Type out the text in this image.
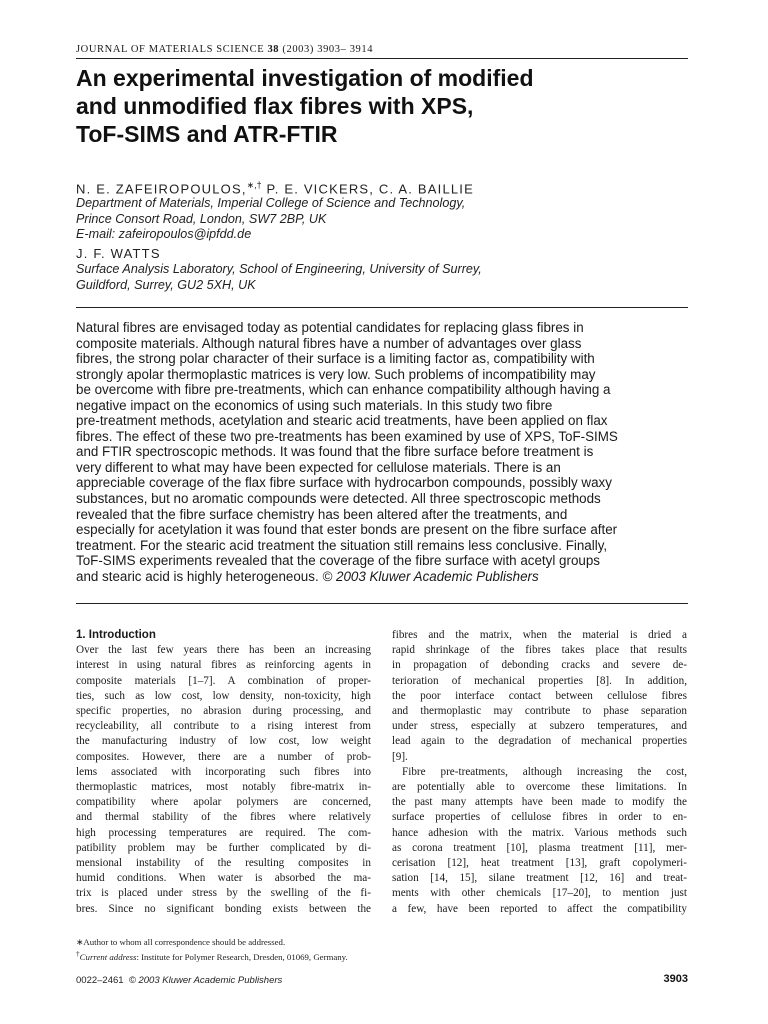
JOURNAL OF MATERIALS SCIENCE 38 (2003) 3903– 3914
An experimental investigation of modified
and unmodified flax fibres with XPS,
ToF-SIMS and ATR-FTIR
N. E. ZAFEIROPOULOS,∗,† P. E. VICKERS, C. A. BAILLIE
Department of Materials, Imperial College of Science and Technology,
Prince Consort Road, London, SW7 2BP, UK
E-mail: zafeiropoulos@ipfdd.de
J. F. WATTS
Surface Analysis Laboratory, School of Engineering, University of Surrey,
Guildford, Surrey, GU2 5XH, UK
Natural fibres are envisaged today as potential candidates for replacing glass fibres in
composite materials. Although natural fibres have a number of advantages over glass
fibres, the strong polar character of their surface is a limiting factor as, compatibility with
strongly apolar thermoplastic matrices is very low. Such problems of incompatibility may
be overcome with fibre pre-treatments, which can enhance compatibility although having a
negative impact on the economics of using such materials. In this study two fibre
pre-treatment methods, acetylation and stearic acid treatments, have been applied on flax
fibres. The effect of these two pre-treatments has been examined by use of XPS, ToF-SIMS
and FTIR spectroscopic methods. It was found that the fibre surface before treatment is
very different to what may have been expected for cellulose materials. There is an
appreciable coverage of the flax fibre surface with hydrocarbon compounds, possibly waxy
substances, but no aromatic compounds were detected. All three spectroscopic methods
revealed that the fibre surface chemistry has been altered after the treatments, and
especially for acetylation it was found that ester bonds are present on the fibre surface after
treatment. For the stearic acid treatment the situation still remains less conclusive. Finally,
ToF-SIMS experiments revealed that the coverage of the fibre surface with acetyl groups
and stearic acid is highly heterogeneous. © 2003 Kluwer Academic Publishers
1. Introduction
Over the last few years there has been an increasing
interest in using natural fibres as reinforcing agents in
composite materials [1–7]. A combination of proper-
ties, such as low cost, low density, non-toxicity, high
specific properties, no abrasion during processing, and
recycleability, all contribute to a rising interest from
the manufacturing industry of low cost, low weight
composites. However, there are a number of prob-
lems associated with incorporating such fibres into
thermoplastic matrices, most notably fibre-matrix in-
compatibility where apolar polymers are concerned,
and thermal stability of the fibres where relatively
high processing temperatures are required. The com-
patibility problem may be further complicated by di-
mensional instability of the resulting composites in
humid conditions. When water is absorbed the ma-
trix is placed under stress by the swelling of the fi-
bres. Since no significant bonding exists between the
fibres and the matrix, when the material is dried a
rapid shrinkage of the fibres takes place that results
in propagation of debonding cracks and severe de-
terioration of mechanical properties [8]. In addition,
the poor interface contact between cellulose fibres
and thermoplastic may contribute to phase separation
under stress, especially at subzero temperatures, and
lead again to the degradation of mechanical properties
[9].
Fibre pre-treatments, although increasing the cost,
are potentially able to overcome these limitations. In
the past many attempts have been made to modify the
surface properties of cellulose fibres in order to en-
hance adhesion with the matrix. Various methods such
as corona treatment [10], plasma treatment [11], mer-
cerisation [12], heat treatment [13], graft copolymeri-
sation [14, 15], silane treatment [12, 16] and treat-
ments with other chemicals [17–20], to mention just
a few, have been reported to affect the compatibility
∗Author to whom all correspondence should be addressed.
†Current address: Institute for Polymer Research, Dresden, 01069, Germany.
0022–2461 © 2003 Kluwer Academic Publishers	3903
